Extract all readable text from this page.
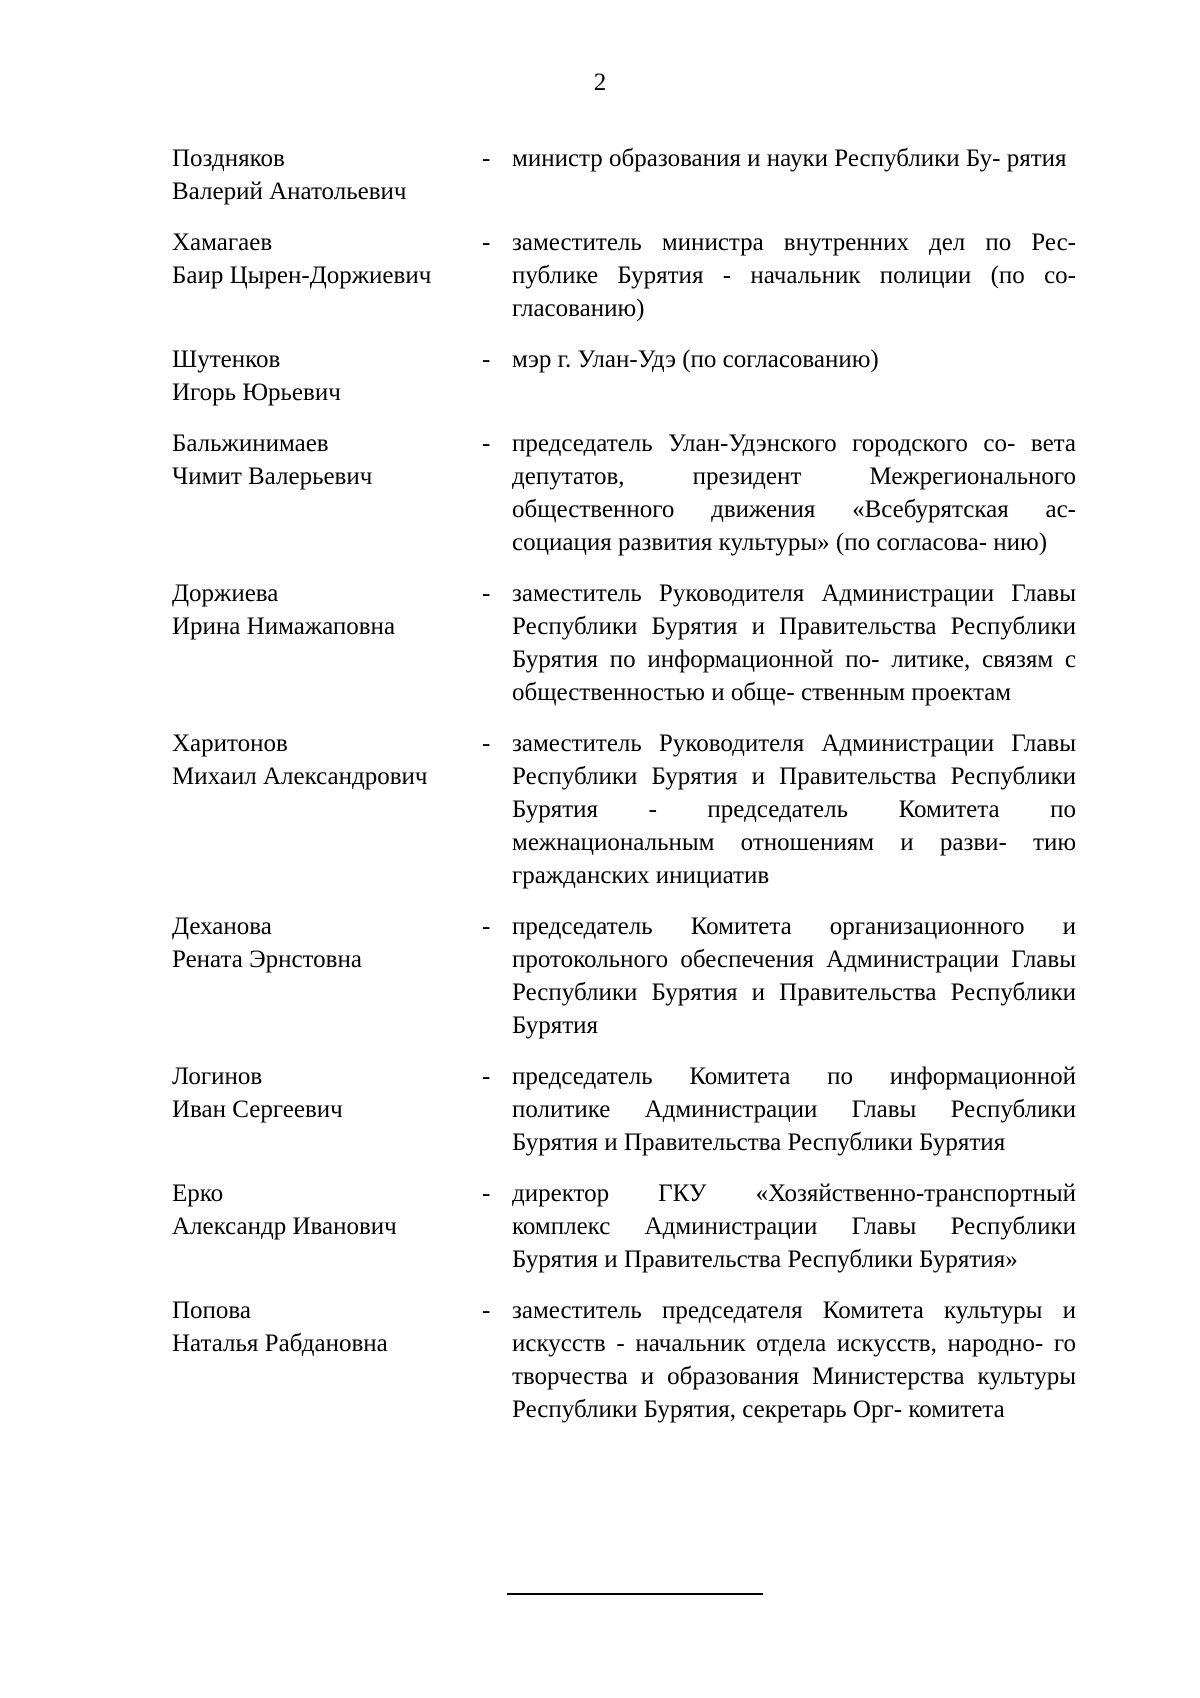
2
Поздняков
Валерий Анатольевич
- министр образования и науки Республики Бу- рятия
Хамагаев
Баир Цырен-Доржиевич
- заместитель министра внутренних дел по Рес- публике Бурятия - начальник полиции (по со- гласованию)
Шутенков
Игорь Юрьевич
- мэр г. Улан-Удэ (по согласованию)
Бальжинимаев
Чимит Валерьевич
- председатель Улан-Удэнского городского со- вета депутатов, президент Межрегионального общественного движения «Всебурятская ас- социация развития культуры» (по согласова- нию)
Доржиева
Ирина Нимажаповна
- заместитель Руководителя Администрации Главы Республики Бурятия и Правительства Республики Бурятия по информационной по- литике, связям с общественностью и обще- ственным проектам
Харитонов
Михаил Александрович
- заместитель Руководителя Администрации Главы Республики Бурятия и Правительства Республики Бурятия - председатель Комитета по межнациональным отношениям и разви- тию гражданских инициатив
Деханова
Рената Эрнстовна
- председатель Комитета организационного и протокольного обеспечения Администрации Главы Республики Бурятия и Правительства Республики Бурятия
Логинов
Иван Сергеевич
- председатель Комитета по информационной политике Администрации Главы Республики Бурятия и Правительства Республики Бурятия
Ерко
Александр Иванович
- директор ГКУ «Хозяйственно-транспортный комплекс Администрации Главы Республики Бурятия и Правительства Республики Бурятия»
Попова
Наталья Рабдановна
- заместитель председателя Комитета культуры и искусств - начальник отдела искусств, народно- го творчества и образования Министерства культуры Республики Бурятия, секретарь Орг- комитета
